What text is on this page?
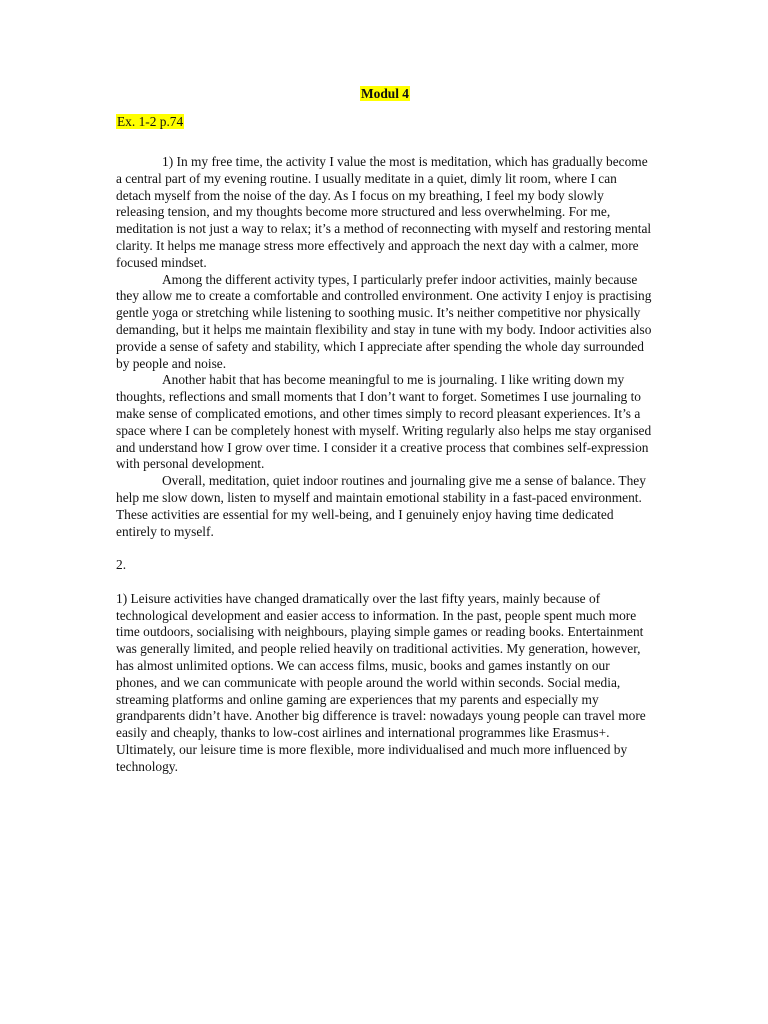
Modul 4
Ex. 1-2 p.74

1) In my free time, the activity I value the most is meditation, which has gradually become a central part of my evening routine. I usually meditate in a quiet, dimly lit room, where I can detach myself from the noise of the day. As I focus on my breathing, I feel my body slowly releasing tension, and my thoughts become more structured and less overwhelming. For me, meditation is not just a way to relax; it’s a method of reconnecting with myself and restoring mental clarity. It helps me manage stress more effectively and approach the next day with a calmer, more focused mindset.

Among the different activity types, I particularly prefer indoor activities, mainly because they allow me to create a comfortable and controlled environment. One activity I enjoy is practising gentle yoga or stretching while listening to soothing music. It’s neither competitive nor physically demanding, but it helps me maintain flexibility and stay in tune with my body. Indoor activities also provide a sense of safety and stability, which I appreciate after spending the whole day surrounded by people and noise.

Another habit that has become meaningful to me is journaling. I like writing down my thoughts, reflections and small moments that I don’t want to forget. Sometimes I use journaling to make sense of complicated emotions, and other times simply to record pleasant experiences. It’s a space where I can be completely honest with myself. Writing regularly also helps me stay organised and understand how I grow over time. I consider it a creative process that combines self-expression with personal development.

Overall, meditation, quiet indoor routines and journaling give me a sense of balance. They help me slow down, listen to myself and maintain emotional stability in a fast-paced environment. These activities are essential for my well-being, and I genuinely enjoy having time dedicated entirely to myself.

2.

1) Leisure activities have changed dramatically over the last fifty years, mainly because of technological development and easier access to information. In the past, people spent much more time outdoors, socialising with neighbours, playing simple games or reading books. Entertainment was generally limited, and people relied heavily on traditional activities. My generation, however, has almost unlimited options. We can access films, music, books and games instantly on our phones, and we can communicate with people around the world within seconds. Social media, streaming platforms and online gaming are experiences that my parents and especially my grandparents didn’t have. Another big difference is travel: nowadays young people can travel more easily and cheaply, thanks to low-cost airlines and international programmes like Erasmus+. Ultimately, our leisure time is more flexible, more individualised and much more influenced by technology.
